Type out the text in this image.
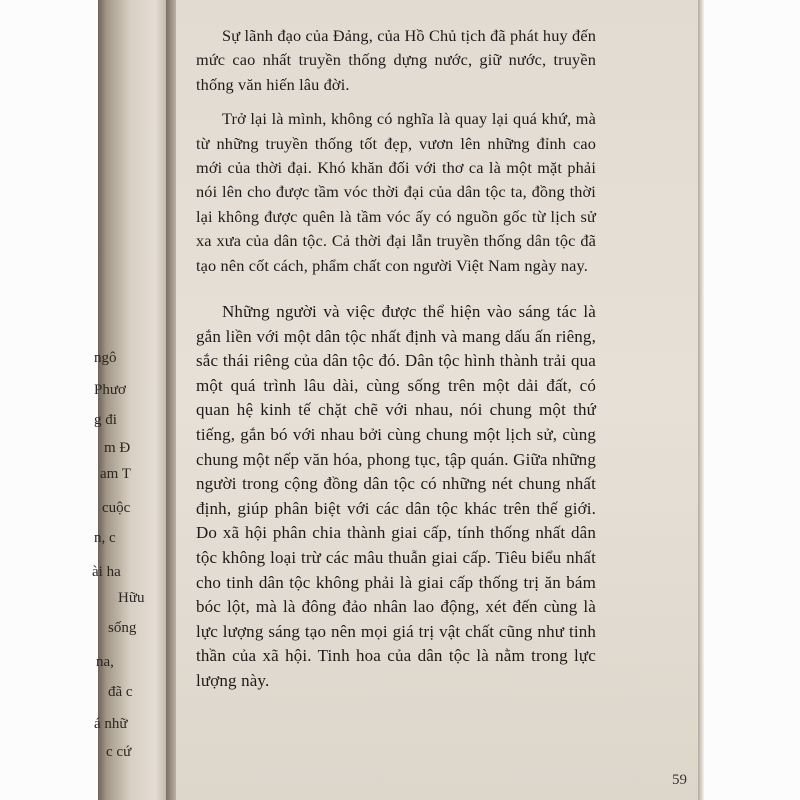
ngô
Phươ
g đi
m Đ
am T
cuộc
n, c
ài ha
Hữu
sống
na,
đã c
á nhữ
c cứ

Sự lãnh đạo của Đảng, của Hồ Chủ tịch đã phát huy đến mức cao nhất truyền thống dựng nước, giữ nước, truyền thống văn hiến lâu đời.

Trở lại là mình, không có nghĩa là quay lại quá khứ, mà từ những truyền thống tốt đẹp, vươn lên những đỉnh cao mới của thời đại. Khó khăn đối với thơ ca là một mặt phải nói lên cho được tầm vóc thời đại của dân tộc ta, đồng thời lại không được quên là tầm vóc ấy có nguồn gốc từ lịch sử xa xưa của dân tộc. Cả thời đại lẫn truyền thống dân tộc đã tạo nên cốt cách, phẩm chất con người Việt Nam ngày nay.

Những người và việc được thể hiện vào sáng tác là gắn liền với một dân tộc nhất định và mang dấu ấn riêng, sắc thái riêng của dân tộc đó. Dân tộc hình thành trải qua một quá trình lâu dài, cùng sống trên một dải đất, có quan hệ kinh tế chặt chẽ với nhau, nói chung một thứ tiếng, gắn bó với nhau bởi cùng chung một lịch sử, cùng chung một nếp văn hóa, phong tục, tập quán. Giữa những người trong cộng đồng dân tộc có những nét chung nhất định, giúp phân biệt với các dân tộc khác trên thế giới. Do xã hội phân chia thành giai cấp, tính thống nhất dân tộc không loại trừ các mâu thuẫn giai cấp. Tiêu biểu nhất cho tinh dân tộc không phải là giai cấp thống trị ăn bám bóc lột, mà là đông đảo nhân lao động, xét đến cùng là lực lượng sáng tạo nên mọi giá trị vật chất cũng như tinh thần của xã hội. Tinh hoa của dân tộc là nằm trong lực lượng này.

59
